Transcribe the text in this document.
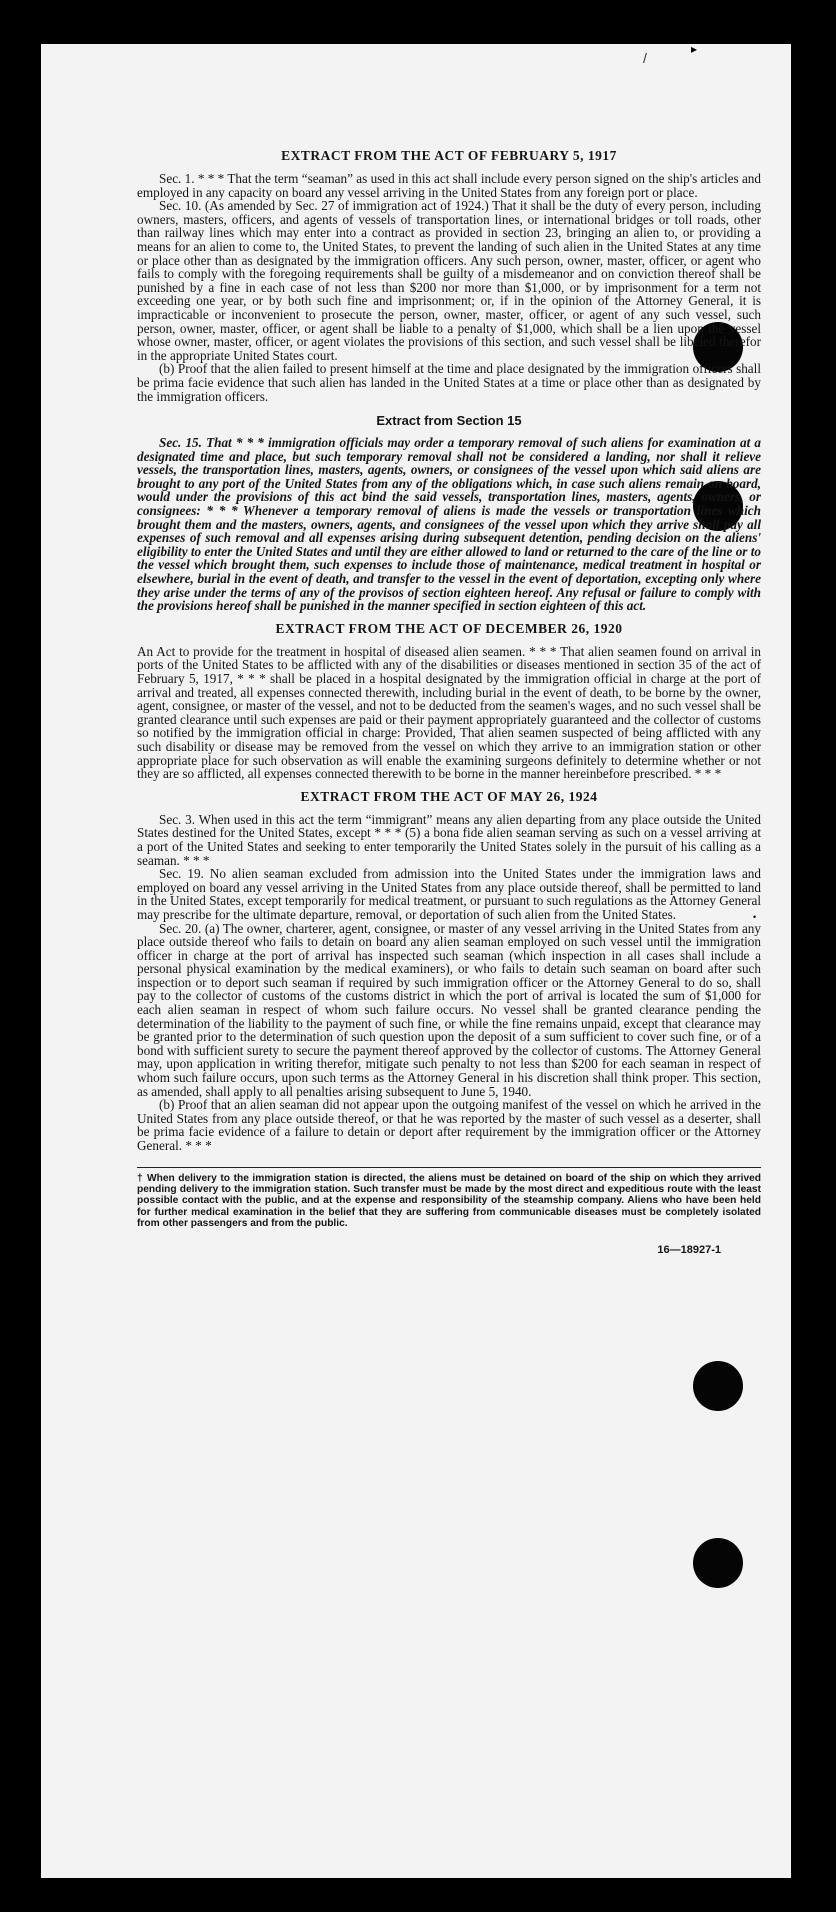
/
▸
•
EXTRACT FROM THE ACT OF FEBRUARY 5, 1917

Sec. 1. * * * That the term “seaman” as used in this act shall include every person signed on the ship's articles and employed in any capacity on board any vessel arriving in the United States from any foreign port or place.

Sec. 10. (As amended by Sec. 27 of immigration act of 1924.) That it shall be the duty of every person, including owners, masters, officers, and agents of vessels of transportation lines, or international bridges or toll roads, other than railway lines which may enter into a contract as provided in section 23, bringing an alien to, or providing a means for an alien to come to, the United States, to prevent the landing of such alien in the United States at any time or place other than as designated by the immigration officers. Any such person, owner, master, officer, or agent who fails to comply with the foregoing requirements shall be guilty of a misdemeanor and on conviction thereof shall be punished by a fine in each case of not less than $200 nor more than $1,000, or by imprisonment for a term not exceeding one year, or by both such fine and imprisonment; or, if in the opinion of the Attorney General, it is impracticable or inconvenient to prosecute the person, owner, master, officer, or agent of any such vessel, such person, owner, master, officer, or agent shall be liable to a penalty of $1,000, which shall be a lien upon the vessel whose owner, master, officer, or agent violates the provisions of this section, and such vessel shall be libeled therefor in the appropriate United States court.

(b) Proof that the alien failed to present himself at the time and place designated by the immigration officers shall be prima facie evidence that such alien has landed in the United States at a time or place other than as designated by the immigration officers.

Extract from Section 15

Sec. 15. That * * * immigration officials may order a temporary removal of such aliens for examination at a designated time and place, but such temporary removal shall not be considered a landing, nor shall it relieve vessels, the transportation lines, masters, agents, owners, or consignees of the vessel upon which said aliens are brought to any port of the United States from any of the obligations which, in case such aliens remain on board, would under the provisions of this act bind the said vessels, transportation lines, masters, agents, owners, or consignees: * * * Whenever a temporary removal of aliens is made the vessels or transportation lines which brought them and the masters, owners, agents, and consignees of the vessel upon which they arrive shall pay all expenses of such removal and all expenses arising during subsequent detention, pending decision on the aliens' eligibility to enter the United States and until they are either allowed to land or returned to the care of the line or to the vessel which brought them, such expenses to include those of maintenance, medical treatment in hospital or elsewhere, burial in the event of death, and transfer to the vessel in the event of deportation, excepting only where they arise under the terms of any of the provisos of section eighteen hereof. Any refusal or failure to comply with the provisions hereof shall be punished in the manner specified in section eighteen of this act.

EXTRACT FROM THE ACT OF DECEMBER 26, 1920

An Act to provide for the treatment in hospital of diseased alien seamen. * * * That alien seamen found on arrival in ports of the United States to be afflicted with any of the disabilities or diseases mentioned in section 35 of the act of February 5, 1917, * * * shall be placed in a hospital designated by the immigration official in charge at the port of arrival and treated, all expenses connected therewith, including burial in the event of death, to be borne by the owner, agent, consignee, or master of the vessel, and not to be deducted from the seamen's wages, and no such vessel shall be granted clearance until such expenses are paid or their payment appropriately guaranteed and the collector of customs so notified by the immigration official in charge: Provided, That alien seamen suspected of being afflicted with any such disability or disease may be removed from the vessel on which they arrive to an immigration station or other appropriate place for such observation as will enable the examining surgeons definitely to determine whether or not they are so afflicted, all expenses connected therewith to be borne in the manner hereinbefore prescribed. * * *

EXTRACT FROM THE ACT OF MAY 26, 1924

Sec. 3. When used in this act the term “immigrant” means any alien departing from any place outside the United States destined for the United States, except * * * (5) a bona fide alien seaman serving as such on a vessel arriving at a port of the United States and seeking to enter temporarily the United States solely in the pursuit of his calling as a seaman. * * *

Sec. 19. No alien seaman excluded from admission into the United States under the immigration laws and employed on board any vessel arriving in the United States from any place outside thereof, shall be permitted to land in the United States, except temporarily for medical treatment, or pursuant to such regulations as the Attorney General may prescribe for the ultimate departure, removal, or deportation of such alien from the United States.

Sec. 20. (a) The owner, charterer, agent, consignee, or master of any vessel arriving in the United States from any place outside thereof who fails to detain on board any alien seaman employed on such vessel until the immigration officer in charge at the port of arrival has inspected such seaman (which inspection in all cases shall include a personal physical examination by the medical examiners), or who fails to detain such seaman on board after such inspection or to deport such seaman if required by such immigration officer or the Attorney General to do so, shall pay to the collector of customs of the customs district in which the port of arrival is located the sum of $1,000 for each alien seaman in respect of whom such failure occurs. No vessel shall be granted clearance pending the determination of the liability to the payment of such fine, or while the fine remains unpaid, except that clearance may be granted prior to the determination of such question upon the deposit of a sum sufficient to cover such fine, or of a bond with sufficient surety to secure the payment thereof approved by the collector of customs. The Attorney General may, upon application in writing therefor, mitigate such penalty to not less than $200 for each seaman in respect of whom such failure occurs, upon such terms as the Attorney General in his discretion shall think proper. This section, as amended, shall apply to all penalties arising subsequent to June 5, 1940.

(b) Proof that an alien seaman did not appear upon the outgoing manifest of the vessel on which he arrived in the United States from any place outside thereof, or that he was reported by the master of such vessel as a deserter, shall be prima facie evidence of a failure to detain or deport after requirement by the immigration officer or the Attorney General. * * *

† When delivery to the immigration station is directed, the aliens must be detained on board of the ship on which they arrived pending delivery to the immigration station. Such transfer must be made by the most direct and expeditious route with the least possible contact with the public, and at the expense and responsibility of the steamship company. Aliens who have been held for further medical examination in the belief that they are suffering from communicable diseases must be completely isolated from other passengers and from the public.

16—18927-1
